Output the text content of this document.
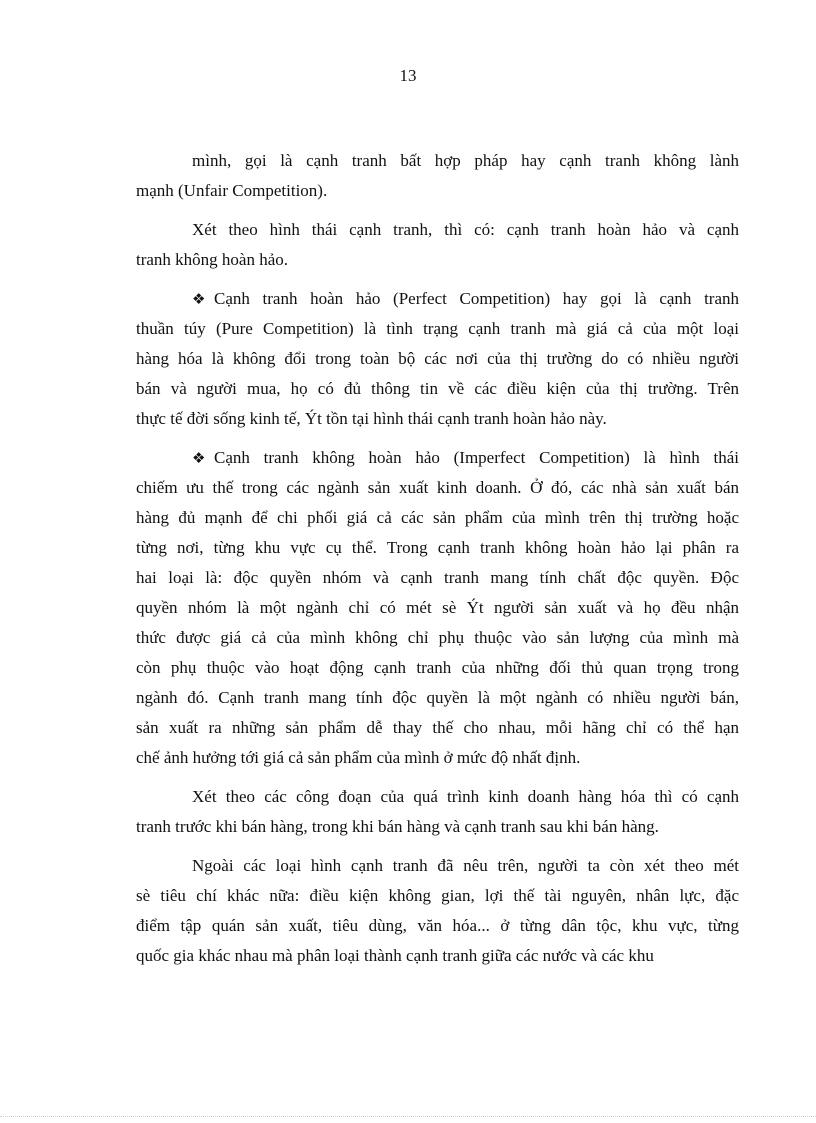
13
mình, gọi là cạnh tranh bất hợp pháp hay cạnh tranh không lành
mạnh (Unfair Competition).
Xét theo hình thái cạnh tranh, thì có: cạnh tranh hoàn hảo và cạnh
tranh không hoàn hảo.
❖ Cạnh tranh hoàn hảo (Perfect Competition) hay gọi là cạnh tranh
thuần túy (Pure Competition) là tình trạng cạnh tranh mà giá cả của một loại
hàng hóa là không đổi trong toàn bộ các nơi của thị trường do có nhiều người
bán và người mua, họ có đủ thông tin về các điều kiện của thị trường. Trên
thực tế đời sống kinh tế, Ýt tồn tại hình thái cạnh tranh hoàn hảo này.
❖ Cạnh tranh không hoàn hảo (Imperfect Competition) là hình thái
chiếm ưu thế trong các ngành sản xuất kinh doanh. Ở đó, các nhà sản xuất bán
hàng đủ mạnh để chi phối giá cả các sản phẩm của mình trên thị trường hoặc
từng nơi, từng khu vực cụ thể. Trong cạnh tranh không hoàn hảo lại phân ra
hai loại là: độc quyền nhóm và cạnh tranh mang tính chất độc quyền. Độc
quyền nhóm là một ngành chỉ có mét sè Ýt người sản xuất và họ đều nhận
thức được giá cả của mình không chỉ phụ thuộc vào sản lượng của mình mà
còn phụ thuộc vào hoạt động cạnh tranh của những đối thủ quan trọng trong
ngành đó. Cạnh tranh mang tính độc quyền là một ngành có nhiều người bán,
sản xuất ra những sản phẩm dễ thay thế cho nhau, mỗi hãng chỉ có thể hạn
chế ảnh hưởng tới giá cả sản phẩm của mình ở mức độ nhất định.
Xét theo các công đoạn của quá trình kinh doanh hàng hóa thì có cạnh
tranh trước khi bán hàng, trong khi bán hàng và cạnh tranh sau khi bán hàng.
Ngoài các loại hình cạnh tranh đã nêu trên, người ta còn xét theo mét
sè tiêu chí khác nữa: điều kiện không gian, lợi thế tài nguyên, nhân lực, đặc
điểm tập quán sản xuất, tiêu dùng, văn hóa... ở từng dân tộc, khu vực, từng
quốc gia khác nhau mà phân loại thành cạnh tranh giữa các nước và các khu
